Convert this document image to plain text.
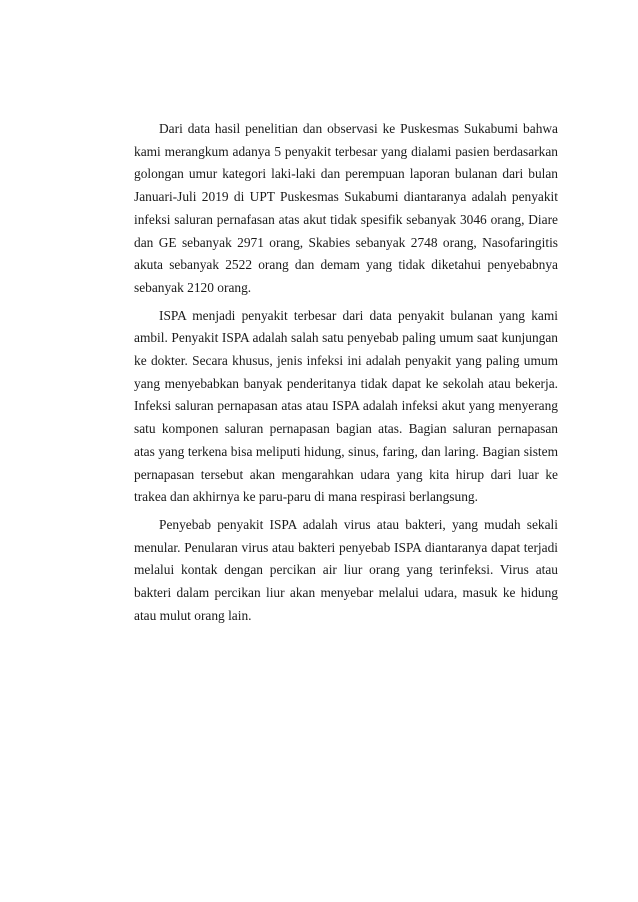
Dari data hasil penelitian dan observasi ke Puskesmas Sukabumi bahwa kami merangkum adanya 5 penyakit terbesar yang dialami pasien berdasarkan golongan umur kategori laki-laki dan perempuan laporan bulanan dari bulan Januari-Juli 2019 di UPT Puskesmas Sukabumi diantaranya adalah penyakit infeksi saluran pernafasan atas akut tidak spesifik sebanyak 3046 orang, Diare dan GE sebanyak 2971 orang, Skabies sebanyak 2748 orang, Nasofaringitis akuta sebanyak 2522 orang dan demam yang tidak diketahui penyebabnya sebanyak 2120 orang.

ISPA menjadi penyakit terbesar dari data penyakit bulanan yang kami ambil. Penyakit ISPA adalah salah satu penyebab paling umum saat kunjungan ke dokter. Secara khusus, jenis infeksi ini adalah penyakit yang paling umum yang menyebabkan banyak penderitanya tidak dapat ke sekolah atau bekerja. Infeksi saluran pernapasan atas atau ISPA adalah infeksi akut yang menyerang satu komponen saluran pernapasan bagian atas. Bagian saluran pernapasan atas yang terkena bisa meliputi hidung, sinus, faring, dan laring. Bagian sistem pernapasan tersebut akan mengarahkan udara yang kita hirup dari luar ke trakea dan akhirnya ke paru-paru di mana respirasi berlangsung.

Penyebab penyakit ISPA adalah virus atau bakteri, yang mudah sekali menular. Penularan virus atau bakteri penyebab ISPA diantaranya dapat terjadi melalui kontak dengan percikan air liur orang yang terinfeksi. Virus atau bakteri dalam percikan liur akan menyebar melalui udara, masuk ke hidung atau mulut orang lain.
